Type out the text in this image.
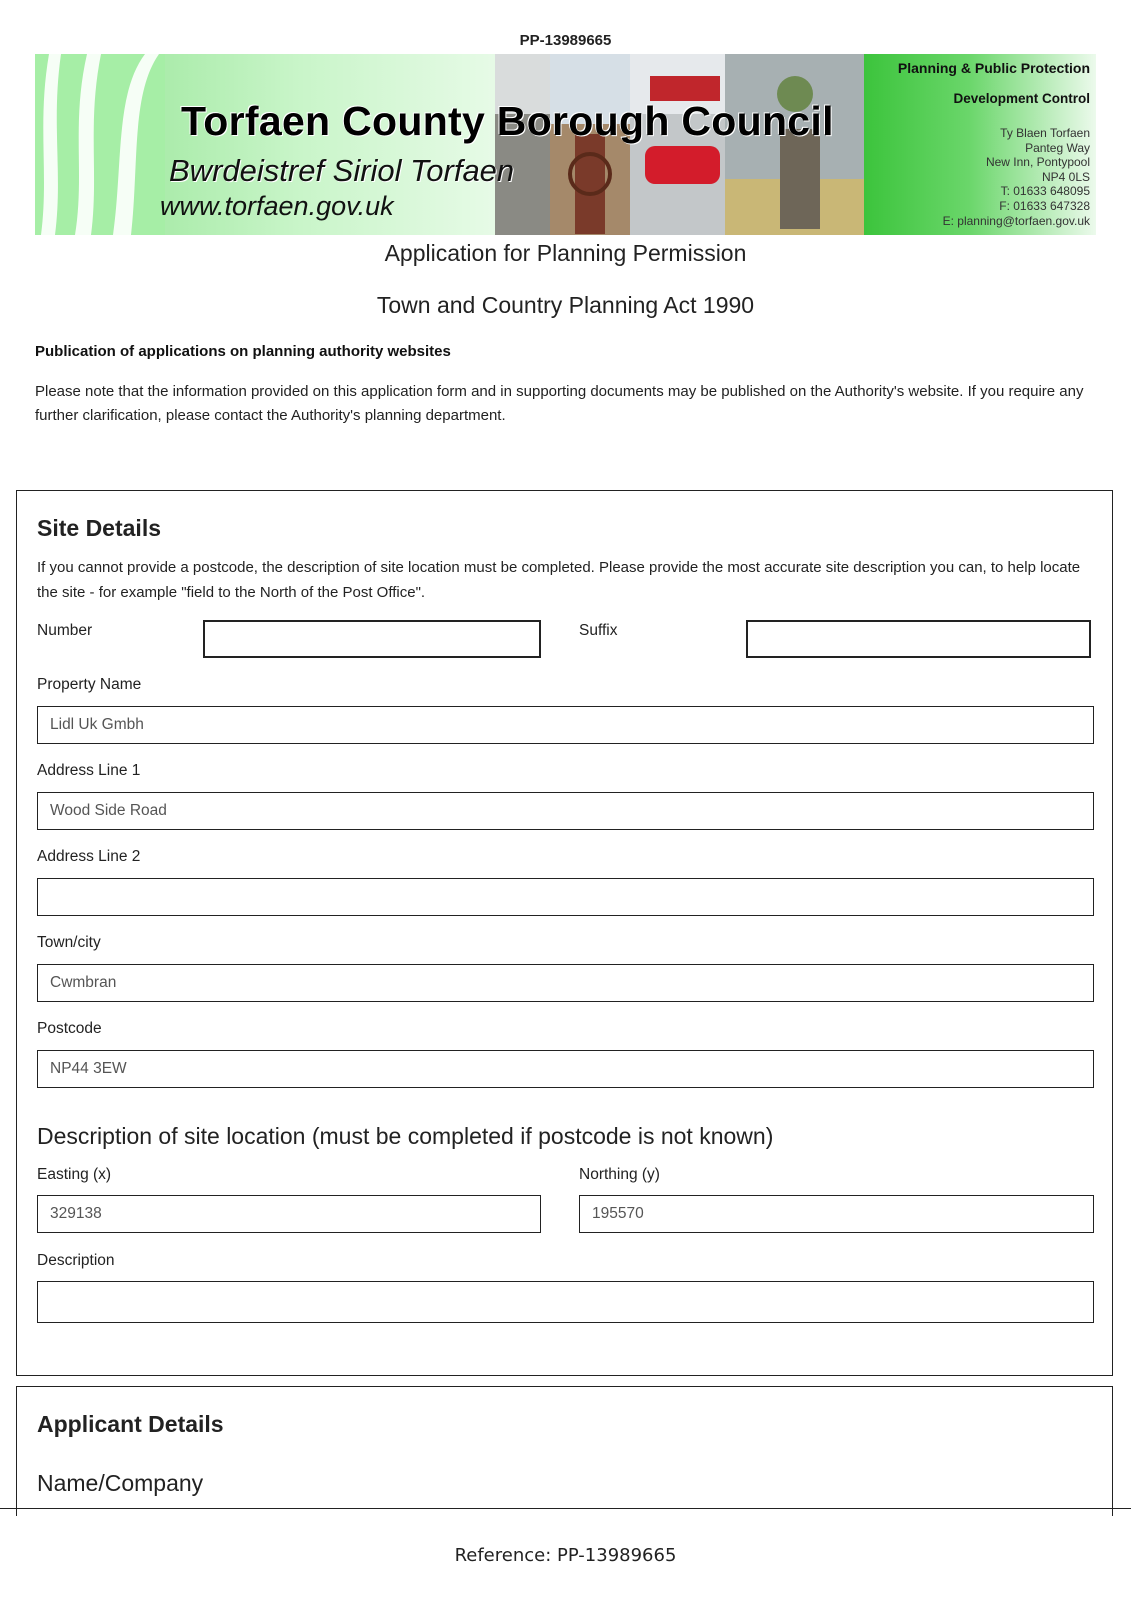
PP-13989665
Torfaen County Borough Council
Bwrdeistref Siriol Torfaen
www.torfaen.gov.uk
Planning & Public Protection
Development Control
Ty Blaen Torfaen
Panteg Way
New Inn, Pontypool
NP4 0LS
T: 01633 648095
F: 01633 647328
E: planning@torfaen.gov.uk
Application for Planning Permission
Town and Country Planning Act 1990
Publication of applications on planning authority websites
Please note that the information provided on this application form and in supporting documents may be published on the Authority's website. If you require any further clarification, please contact the Authority's planning department.
Site Details
If you cannot provide a postcode, the description of site location must be completed. Please provide the most accurate site description you can, to help locate the site - for example "field to the North of the Post Office".
Number	Suffix
Property Name
Lidl Uk Gmbh
Address Line 1
Wood Side Road
Address Line 2
Town/city
Cwmbran
Postcode
NP44 3EW
Description of site location (must be completed if postcode is not known)
Easting (x)
329138
Northing (y)
195570
Description
Applicant Details
Name/Company
Reference: PP-13989665
